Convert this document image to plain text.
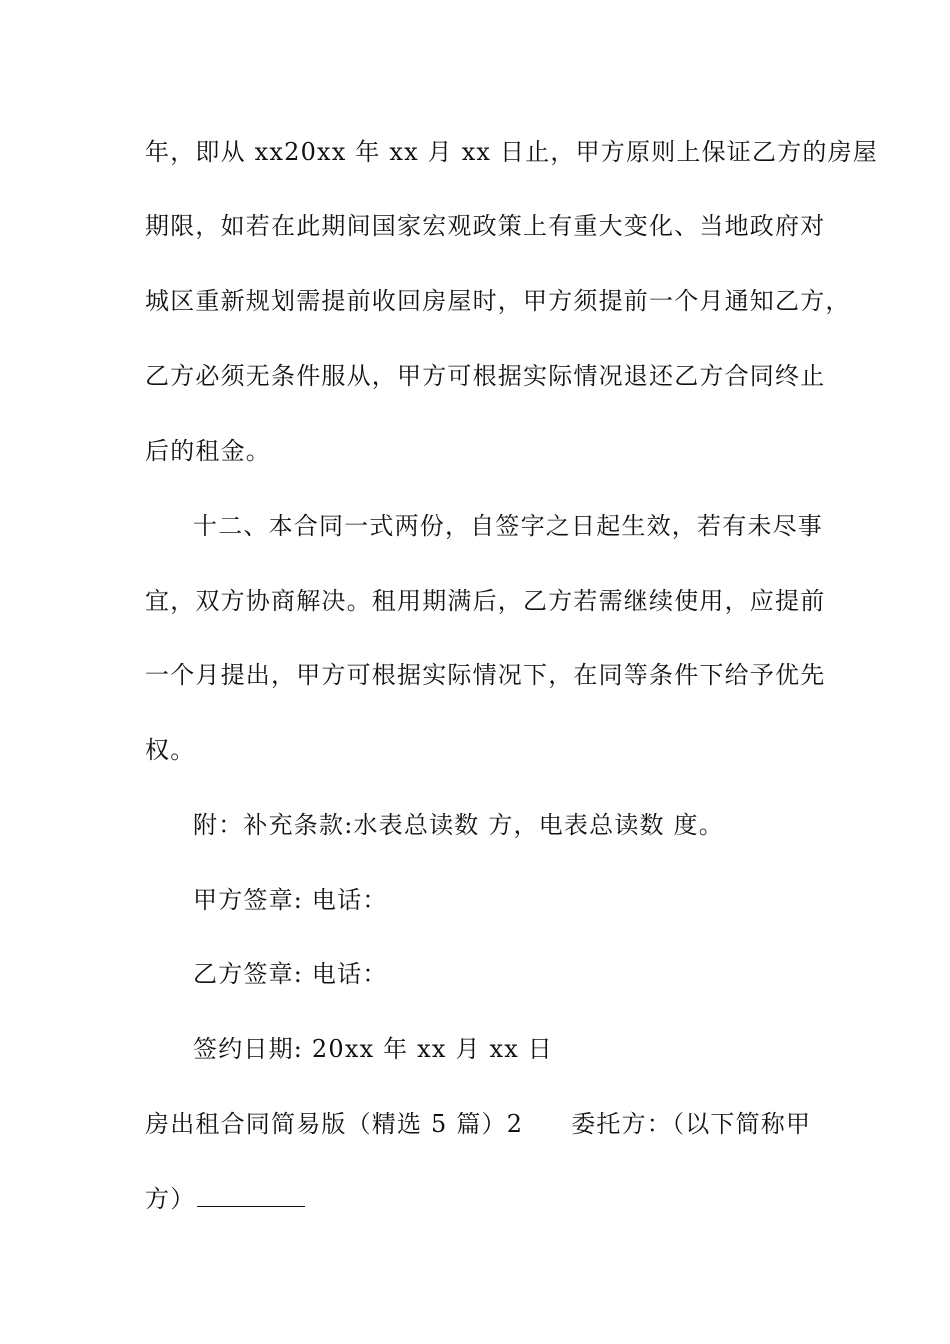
年，即从 xx20xx 年 xx 月 xx 日止，甲方原则上保证乙方的房屋
期限，如若在此期间国家宏观政策上有重大变化、当地政府对
城区重新规划需提前收回房屋时，甲方须提前一个月通知乙方，
乙方必须无条件服从，甲方可根据实际情况退还乙方合同终止
后的租金。
十二、本合同一式两份，自签字之日起生效，若有未尽事
宜，双方协商解决。租用期满后，乙方若需继续使用，应提前
一个月提出，甲方可根据实际情况下，在同等条件下给予优先
权。
附：补充条款:水表总读数 方，电表总读数 度。
甲方签章: 电话：
乙方签章: 电话：
签约日期: 20xx 年 xx 月 xx 日
房出租合同简易版（精选 5 篇）2 委托方：（以下简称甲
方）
